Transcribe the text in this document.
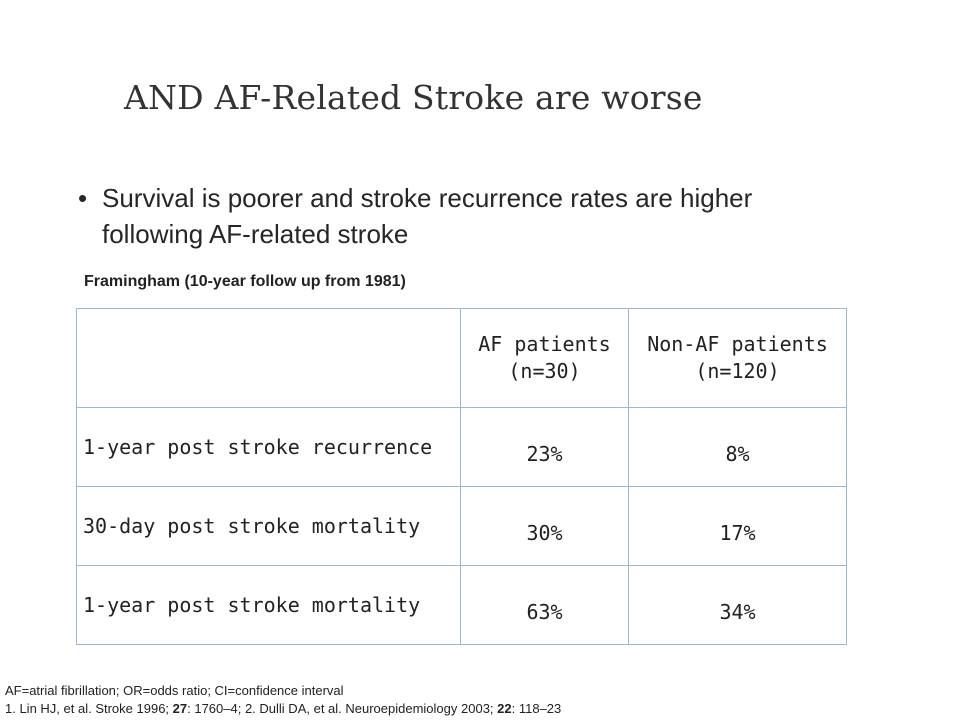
AND AF-Related Stroke are worse
• Survival is poorer and stroke recurrence rates are higher following AF-related stroke
Framingham (10-year follow up from 1981)
	AF patients (n=30)	Non-AF patients (n=120)
1-year post stroke recurrence	23%	8%
30-day post stroke mortality	30%	17%
1-year post stroke mortality	63%	34%
AF=atrial fibrillation; OR=odds ratio; CI=confidence interval
1. Lin HJ, et al. Stroke 1996; 27: 1760–4; 2. Dulli DA, et al. Neuroepidemiology 2003; 22: 118–23
